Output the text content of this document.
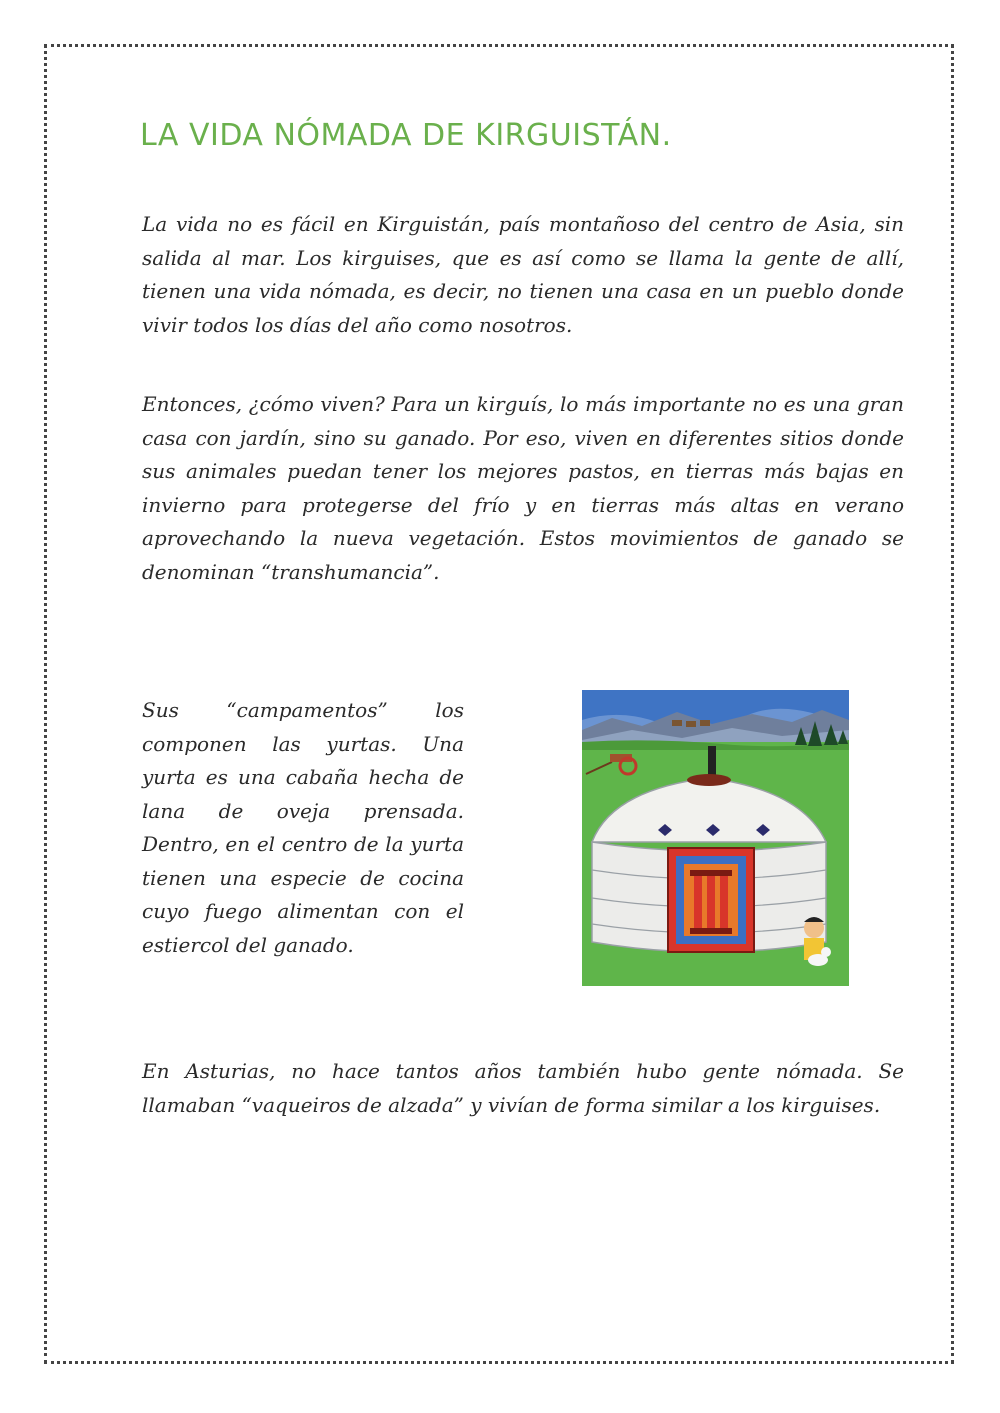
LA VIDA NÓMADA DE KIRGUISTÁN.

La vida no es fácil en Kirguistán, país montañoso del centro de Asia, sin salida al mar. Los kirguises, que es así como se llama la gente de allí, tienen una vida nómada, es decir, no tienen una casa en un pueblo donde vivir todos los días del año como nosotros.

Entonces, ¿cómo viven? Para un kirguís, lo más importante no es una gran casa con jardín, sino su ganado. Por eso, viven en diferentes sitios donde sus animales puedan tener los mejores pastos, en tierras más bajas en invierno para protegerse del frío y en tierras más altas en verano aprovechando la nueva vegetación. Estos movimientos de ganado se denominan “transhumancia”.

Sus “campamentos” los componen las yurtas. Una yurta es una cabaña hecha de lana de oveja prensada. Dentro, en el centro de la yurta tienen una especie de cocina cuyo fuego alimentan con el estiercol del ganado.

En Asturias, no hace tantos años también hubo gente nómada. Se llamaban “vaqueiros de alzada” y vivían de forma similar a los kirguises.
